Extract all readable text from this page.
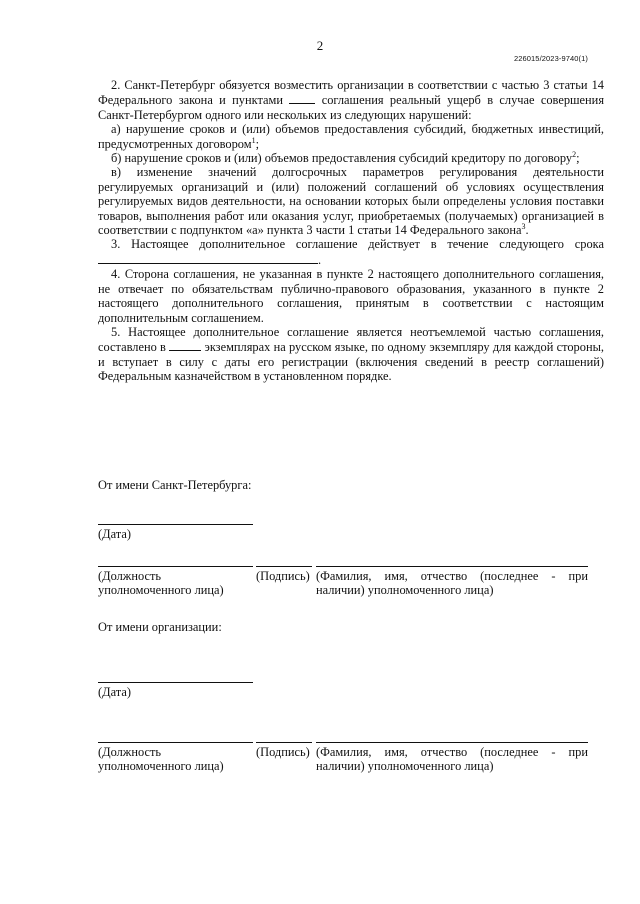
2
226015/2023-9740(1)

2. Санкт-Петербург обязуется возместить организации в соответствии с частью 3 статьи 14 Федерального закона и пунктами	соглашения реальный ущерб в случае совершения Санкт-Петербургом одного или нескольких из следующих нарушений:

а) нарушение сроков и (или) объемов предоставления субсидий, бюджетных инвестиций, предусмотренных договором$^1$;

б) нарушение сроков и (или) объемов предоставления субсидий кредитору по договору$^2$;

в) изменение значений долгосрочных параметров регулирования деятельности регулируемых организаций и (или) положений соглашений об условиях осуществления регулируемых видов деятельности, на основании которых были определены условия поставки товаров, выполнения работ или оказания услуг, приобретаемых (получаемых) организацией в соответствии с подпунктом «а» пункта 3 части 1 статьи 14 Федерального закона$^3$.

3. Настоящее дополнительное соглашение действует в течение следующего срока .

4. Сторона соглашения, не указанная в пункте 2 настоящего дополнительного соглашения, не отвечает по обязательствам публично-правового образования, указанного в пункте 2 настоящего дополнительного соглашения, принятым в соответствии с настоящим дополнительным соглашением.

5. Настоящее дополнительное соглашение является неотъемлемой частью соглашения, составлено в	экземплярах на русском языке, по одному экземпляру для каждой стороны, и вступает в силу с даты его регистрации (включения сведений в реестр соглашений) Федеральным казначейством в установленном порядке.

От имени Санкт-Петербурга:
(Дата)
(Должность
уполномоченного лица)
(Подпись) (Фамилия, имя, отчество (последнее - при
наличии) уполномоченного лица)
От имени организации:
(Дата)
(Должность
уполномоченного лица)
(Подпись) (Фамилия, имя, отчество (последнее - при
наличии) уполномоченного лица)
